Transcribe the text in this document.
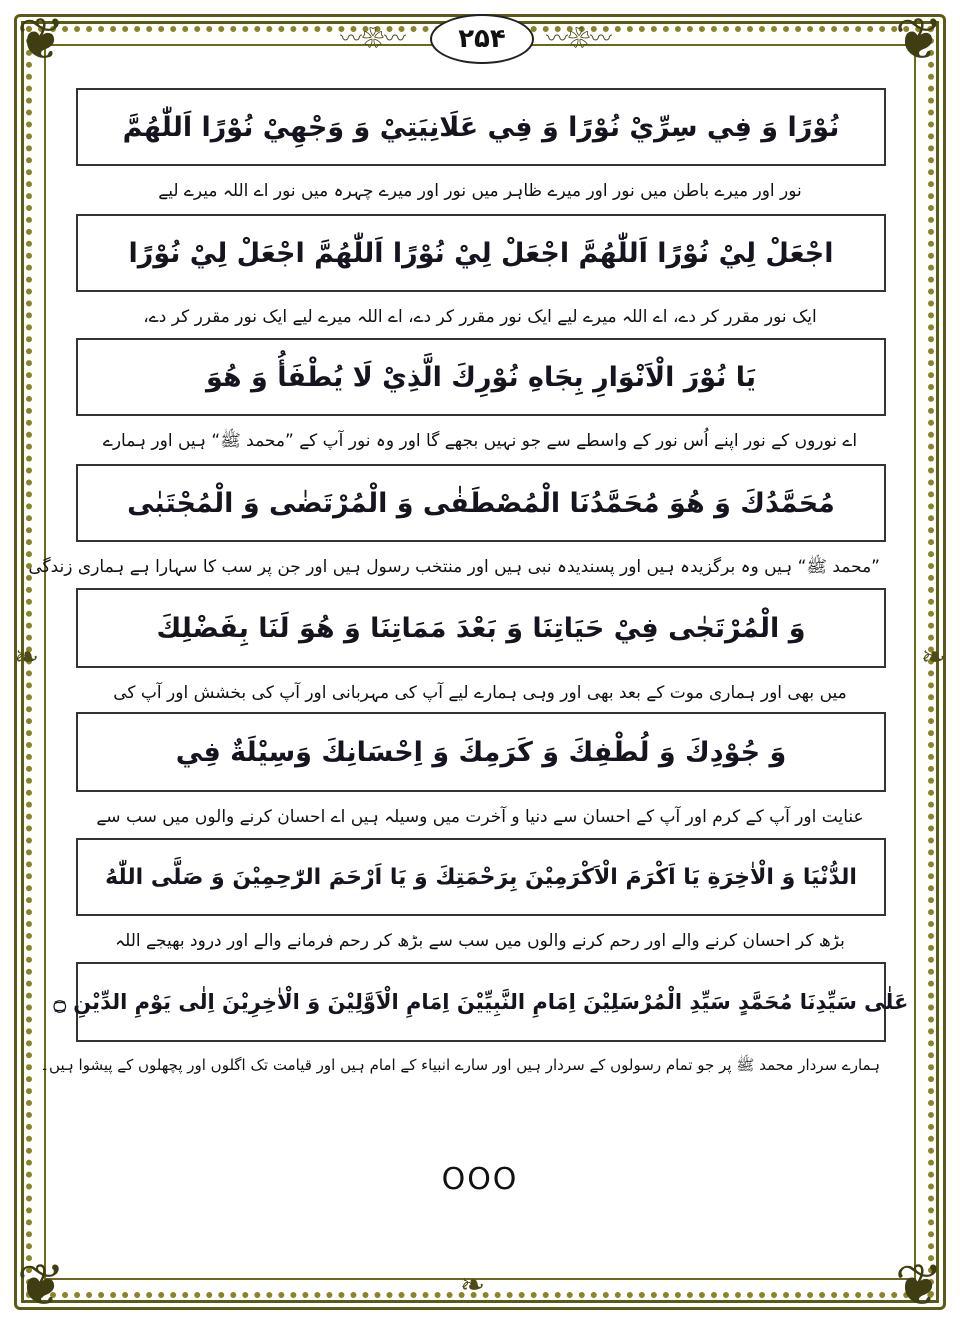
❦	❦
❦	❦
❧	❧
❧
〰❀〰	〰❀〰
۲۵۴
نُوْرًا وَ فِي سِرِّيْ نُوْرًا وَ فِي عَلَانِيَتِيْ وَ وَجْهِيْ نُوْرًا اَللّٰهُمَّ
نور اور میرے باطن میں نور اور میرے ظاہر میں نور اور میرے چہرہ میں نور اے اللہ میرے لیے
اجْعَلْ لِيْ نُوْرًا اَللّٰهُمَّ اجْعَلْ لِيْ نُوْرًا اَللّٰهُمَّ اجْعَلْ لِيْ نُوْرًا
ایک نور مقرر کر دے، اے اللہ میرے لیے ایک نور مقرر کر دے، اے اللہ میرے لیے ایک نور مقرر کر دے،
يَا نُوْرَ الْاَنْوَارِ بِجَاهِ نُوْرِكَ الَّذِيْ لَا يُطْفَأُ وَ هُوَ
اے نوروں کے نور اپنے اُس نور کے واسطے سے جو نہیں بجھے گا اور وہ نور آپ کے ”محمد ﷺ“ ہیں اور ہمارے
مُحَمَّدُكَ وَ هُوَ مُحَمَّدُنَا الْمُصْطَفٰى وَ الْمُرْتَضٰى وَ الْمُجْتَبٰى
”محمد ﷺ“ ہیں وہ برگزیدہ ہیں اور پسندیدہ نبی ہیں اور منتخب رسول ہیں اور جن پر سب کا سہارا ہے ہماری زندگی
وَ الْمُرْتَجٰى فِيْ حَيَاتِنَا وَ بَعْدَ مَمَاتِنَا وَ هُوَ لَنَا بِفَضْلِكَ
میں بھی اور ہماری موت کے بعد بھی اور وہی ہمارے لیے آپ کی مہربانی اور آپ کی بخشش اور آپ کی
وَ جُوْدِكَ وَ لُطْفِكَ وَ كَرَمِكَ وَ اِحْسَانِكَ وَسِيْلَةٌ فِي
عنایت اور آپ کے کرم اور آپ کے احسان سے دنیا و آخرت میں وسیلہ ہیں اے احسان کرنے والوں میں سب سے
الدُّنْيَا وَ الْاٰخِرَةِ يَا اَكْرَمَ الْاَكْرَمِيْنَ بِرَحْمَتِكَ وَ يَا اَرْحَمَ الرّٰحِمِيْنَ وَ صَلَّى اللّٰهُ
بڑھ کر احسان کرنے والے اور رحم کرنے والوں میں سب سے بڑھ کر رحم فرمانے والے اور درود بھیجے اللہ
عَلٰى سَيِّدِنَا مُحَمَّدٍ سَيِّدِ الْمُرْسَلِيْنَ اِمَامِ النَّبِيِّيْنَ اِمَامِ الْاَوَّلِيْنَ وَ الْاٰخِرِيْنَ اِلٰى يَوْمِ الدِّيْنِ ۝
ہمارے سردار محمد ﷺ پر جو تمام رسولوں کے سردار ہیں اور سارے انبیاء کے امام ہیں اور قیامت تک اگلوں اور پچھلوں کے پیشوا ہیں۔
OOO
